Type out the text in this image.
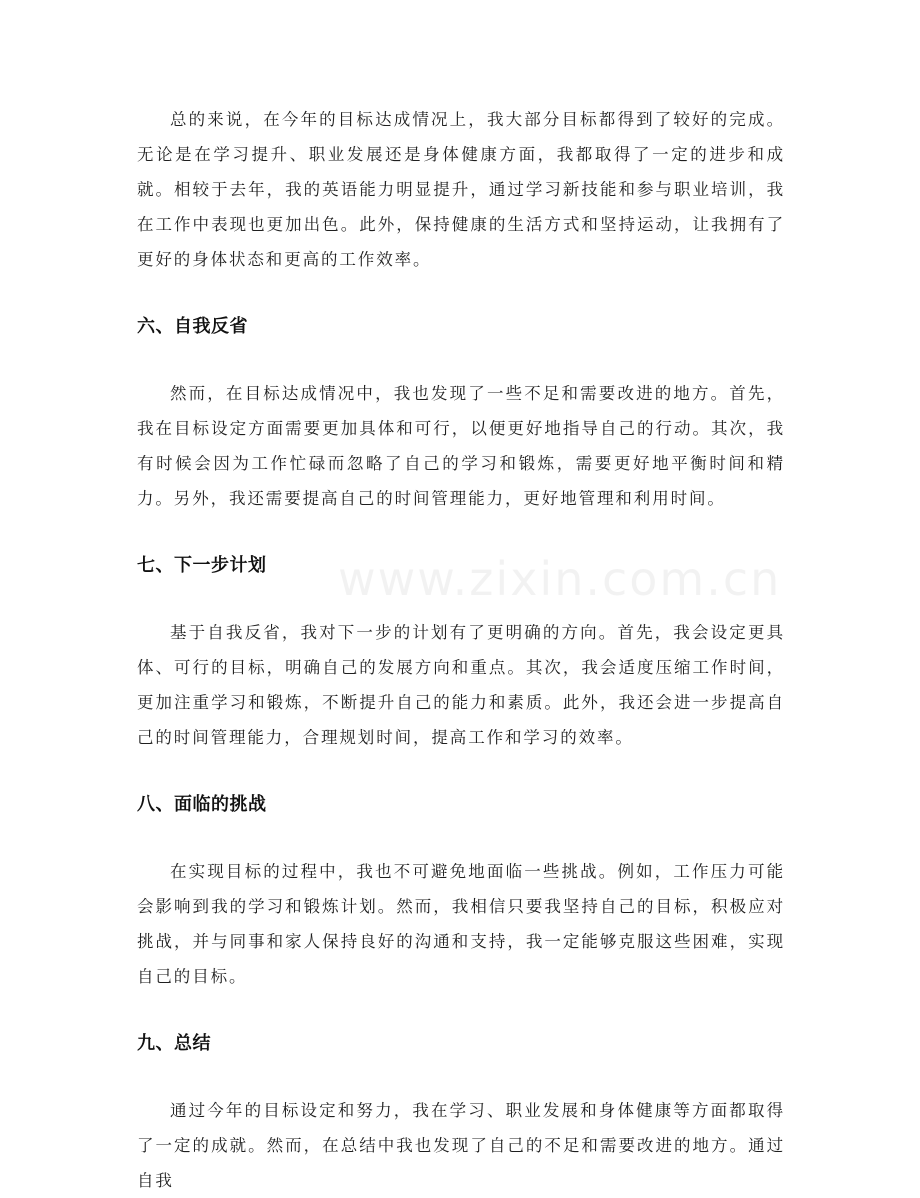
总的来说，在今年的目标达成情况上，我大部分目标都得到了较好的完成。无论是在学习提升、职业发展还是身体健康方面，我都取得了一定的进步和成就。相较于去年，我的英语能力明显提升，通过学习新技能和参与职业培训，我在工作中表现也更加出色。此外，保持健康的生活方式和坚持运动，让我拥有了更好的身体状态和更高的工作效率。

六、自我反省

然而，在目标达成情况中，我也发现了一些不足和需要改进的地方。首先，我在目标设定方面需要更加具体和可行，以便更好地指导自己的行动。其次，我有时候会因为工作忙碌而忽略了自己的学习和锻炼，需要更好地平衡时间和精力。另外，我还需要提高自己的时间管理能力，更好地管理和利用时间。

七、下一步计划

基于自我反省，我对下一步的计划有了更明确的方向。首先，我会设定更具体、可行的目标，明确自己的发展方向和重点。其次，我会适度压缩工作时间，更加注重学习和锻炼，不断提升自己的能力和素质。此外，我还会进一步提高自己的时间管理能力，合理规划时间，提高工作和学习的效率。

八、面临的挑战

在实现目标的过程中，我也不可避免地面临一些挑战。例如，工作压力可能会影响到我的学习和锻炼计划。然而，我相信只要我坚持自己的目标，积极应对挑战，并与同事和家人保持良好的沟通和支持，我一定能够克服这些困难，实现自己的目标。

九、总结

通过今年的目标设定和努力，我在学习、职业发展和身体健康等方面都取得了一定的成就。然而，在总结中我也发现了自己的不足和需要改进的地方。通过自我

www.zixin.com.cn
